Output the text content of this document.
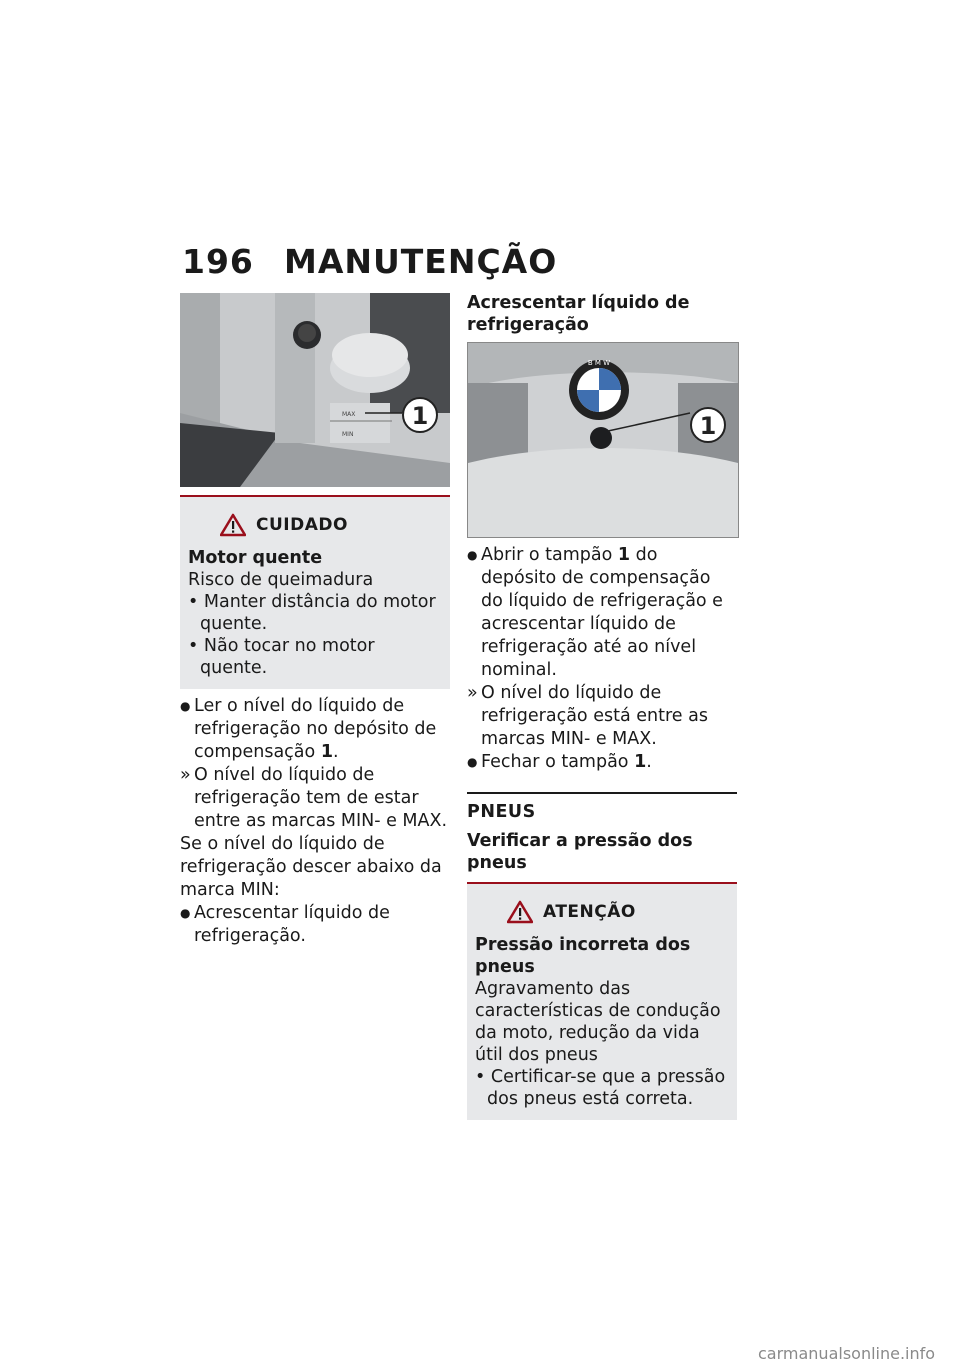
196 MANUTENÇÃO
MAX
MIN
1
CUIDADO
Motor quente
Risco de queimadura
• Manter distância do motor quente.
• Não tocar no motor quente.
● Ler o nível do líquido de refrigeração no depósito de compensação 1.
» O nível do líquido de refrigeração tem de estar entre as marcas MIN- e MAX.
Se o nível do líquido de refrigeração descer abaixo da marca MIN:
● Acrescentar líquido de refrigeração.
Acrescentar líquido de refrigeração
B M W
1
● Abrir o tampão 1 do depósito de compensação do líquido de refrigeração e acrescentar líquido de refrigeração até ao nível nominal.
» O nível do líquido de refrigeração está entre as marcas MIN- e MAX.
● Fechar o tampão 1.
PNEUS
Verificar a pressão dos pneus
ATENÇÃO
Pressão incorreta dos pneus
Agravamento das características de condução da moto, redução da vida útil dos pneus
• Certificar-se que a pressão dos pneus está correta.
carmanualsonline.info
